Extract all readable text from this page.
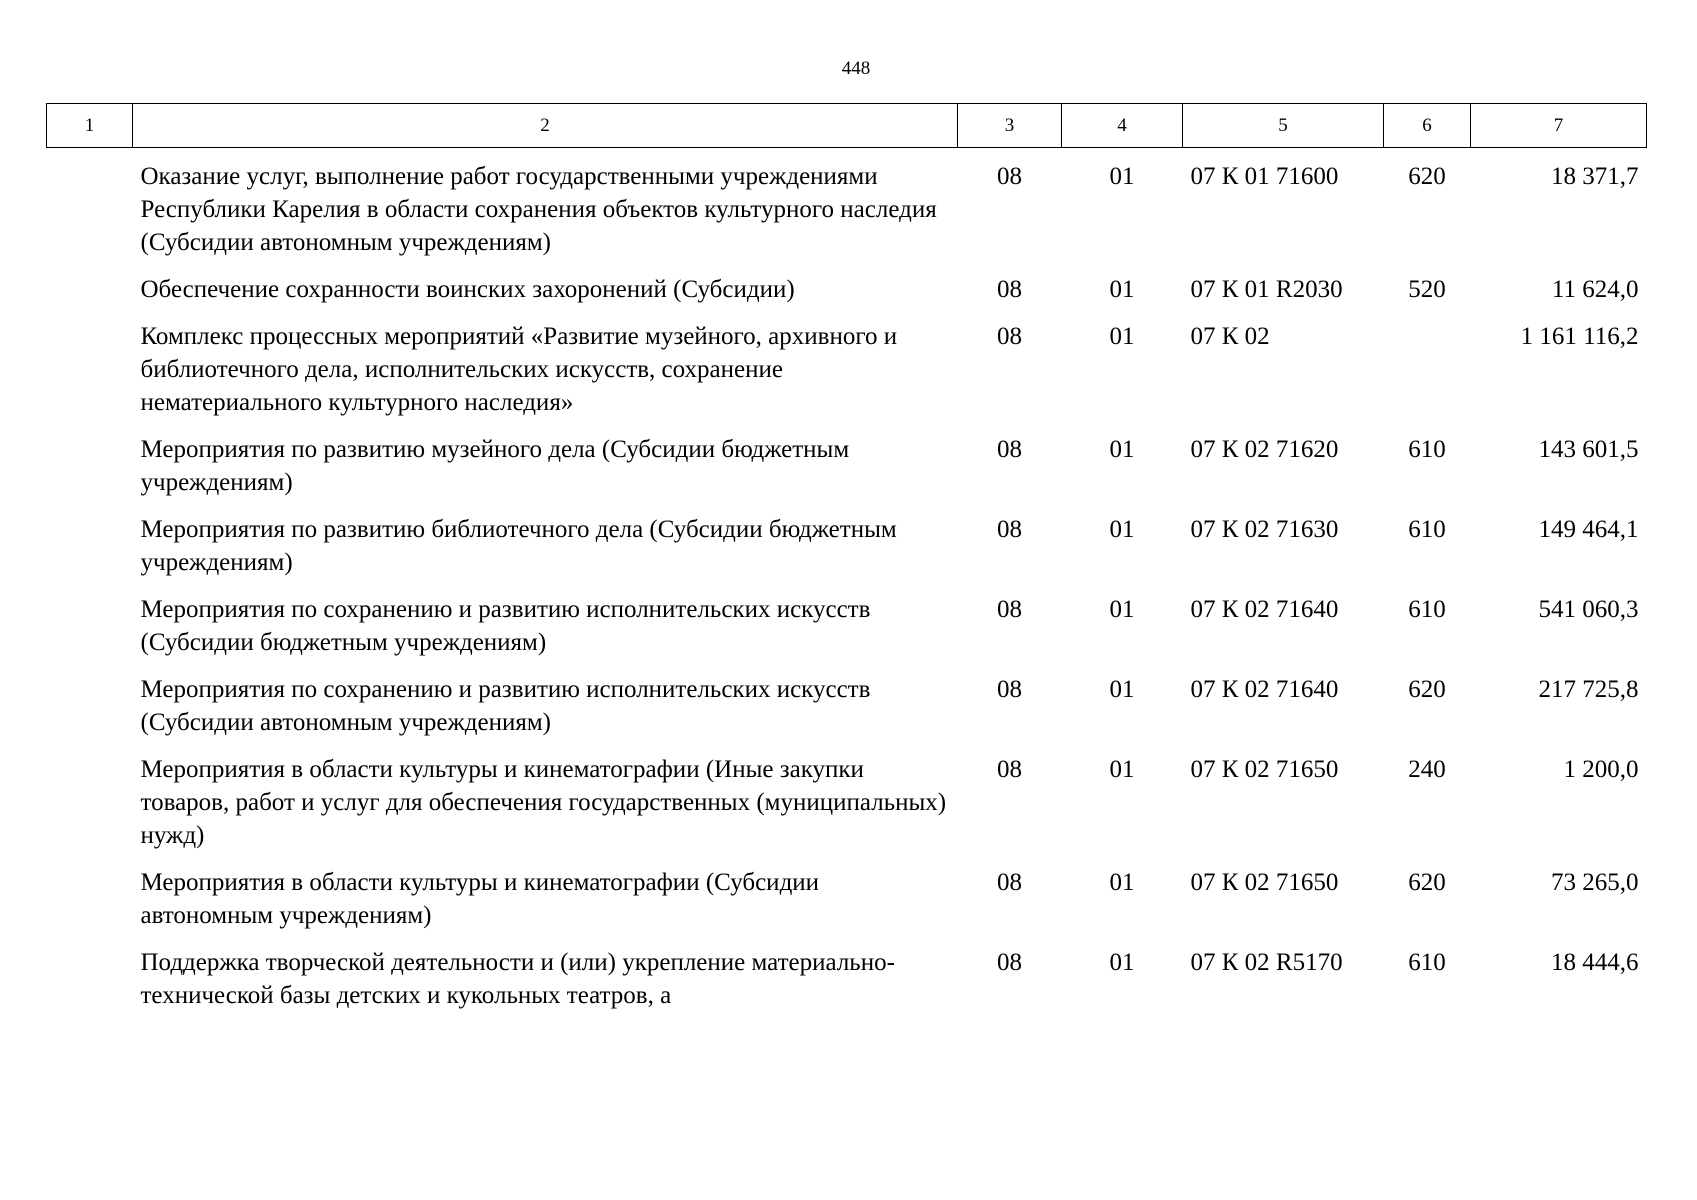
448
1	2	3	4	5	6	7
	Оказание услуг, выполнение работ государственными учреждениями Республики Карелия в области сохранения объектов культурного наследия (Субсидии автономным учреждениям)	08	01	07 К 01 71600	620	18 371,7
	Обеспечение сохранности воинских захоронений (Субсидии)	08	01	07 К 01 R2030	520	11 624,0
	Комплекс процессных мероприятий «Развитие музейного, архивного и библиотечного дела, исполнительских искусств, сохранение нематериального культурного наследия»	08	01	07 К 02		1 161 116,2
	Мероприятия по развитию музейного дела (Субсидии бюджетным учреждениям)	08	01	07 К 02 71620	610	143 601,5
	Мероприятия по развитию библиотечного дела (Субсидии бюджетным учреждениям)	08	01	07 К 02 71630	610	149 464,1
	Мероприятия по сохранению и развитию исполнительских искусств (Субсидии бюджетным учреждениям)	08	01	07 К 02 71640	610	541 060,3
	Мероприятия по сохранению и развитию исполнительских искусств (Субсидии автономным учреждениям)	08	01	07 К 02 71640	620	217 725,8
	Мероприятия в области культуры и кинематографии (Иные закупки товаров, работ и услуг для обеспечения государственных (муниципальных) нужд)	08	01	07 К 02 71650	240	1 200,0
	Мероприятия в области культуры и кинематографии (Субсидии автономным учреждениям)	08	01	07 К 02 71650	620	73 265,0
	Поддержка творческой деятельности и (или) укрепление материально-технической базы детских и кукольных театров, а	08	01	07 К 02 R5170	610	18 444,6
